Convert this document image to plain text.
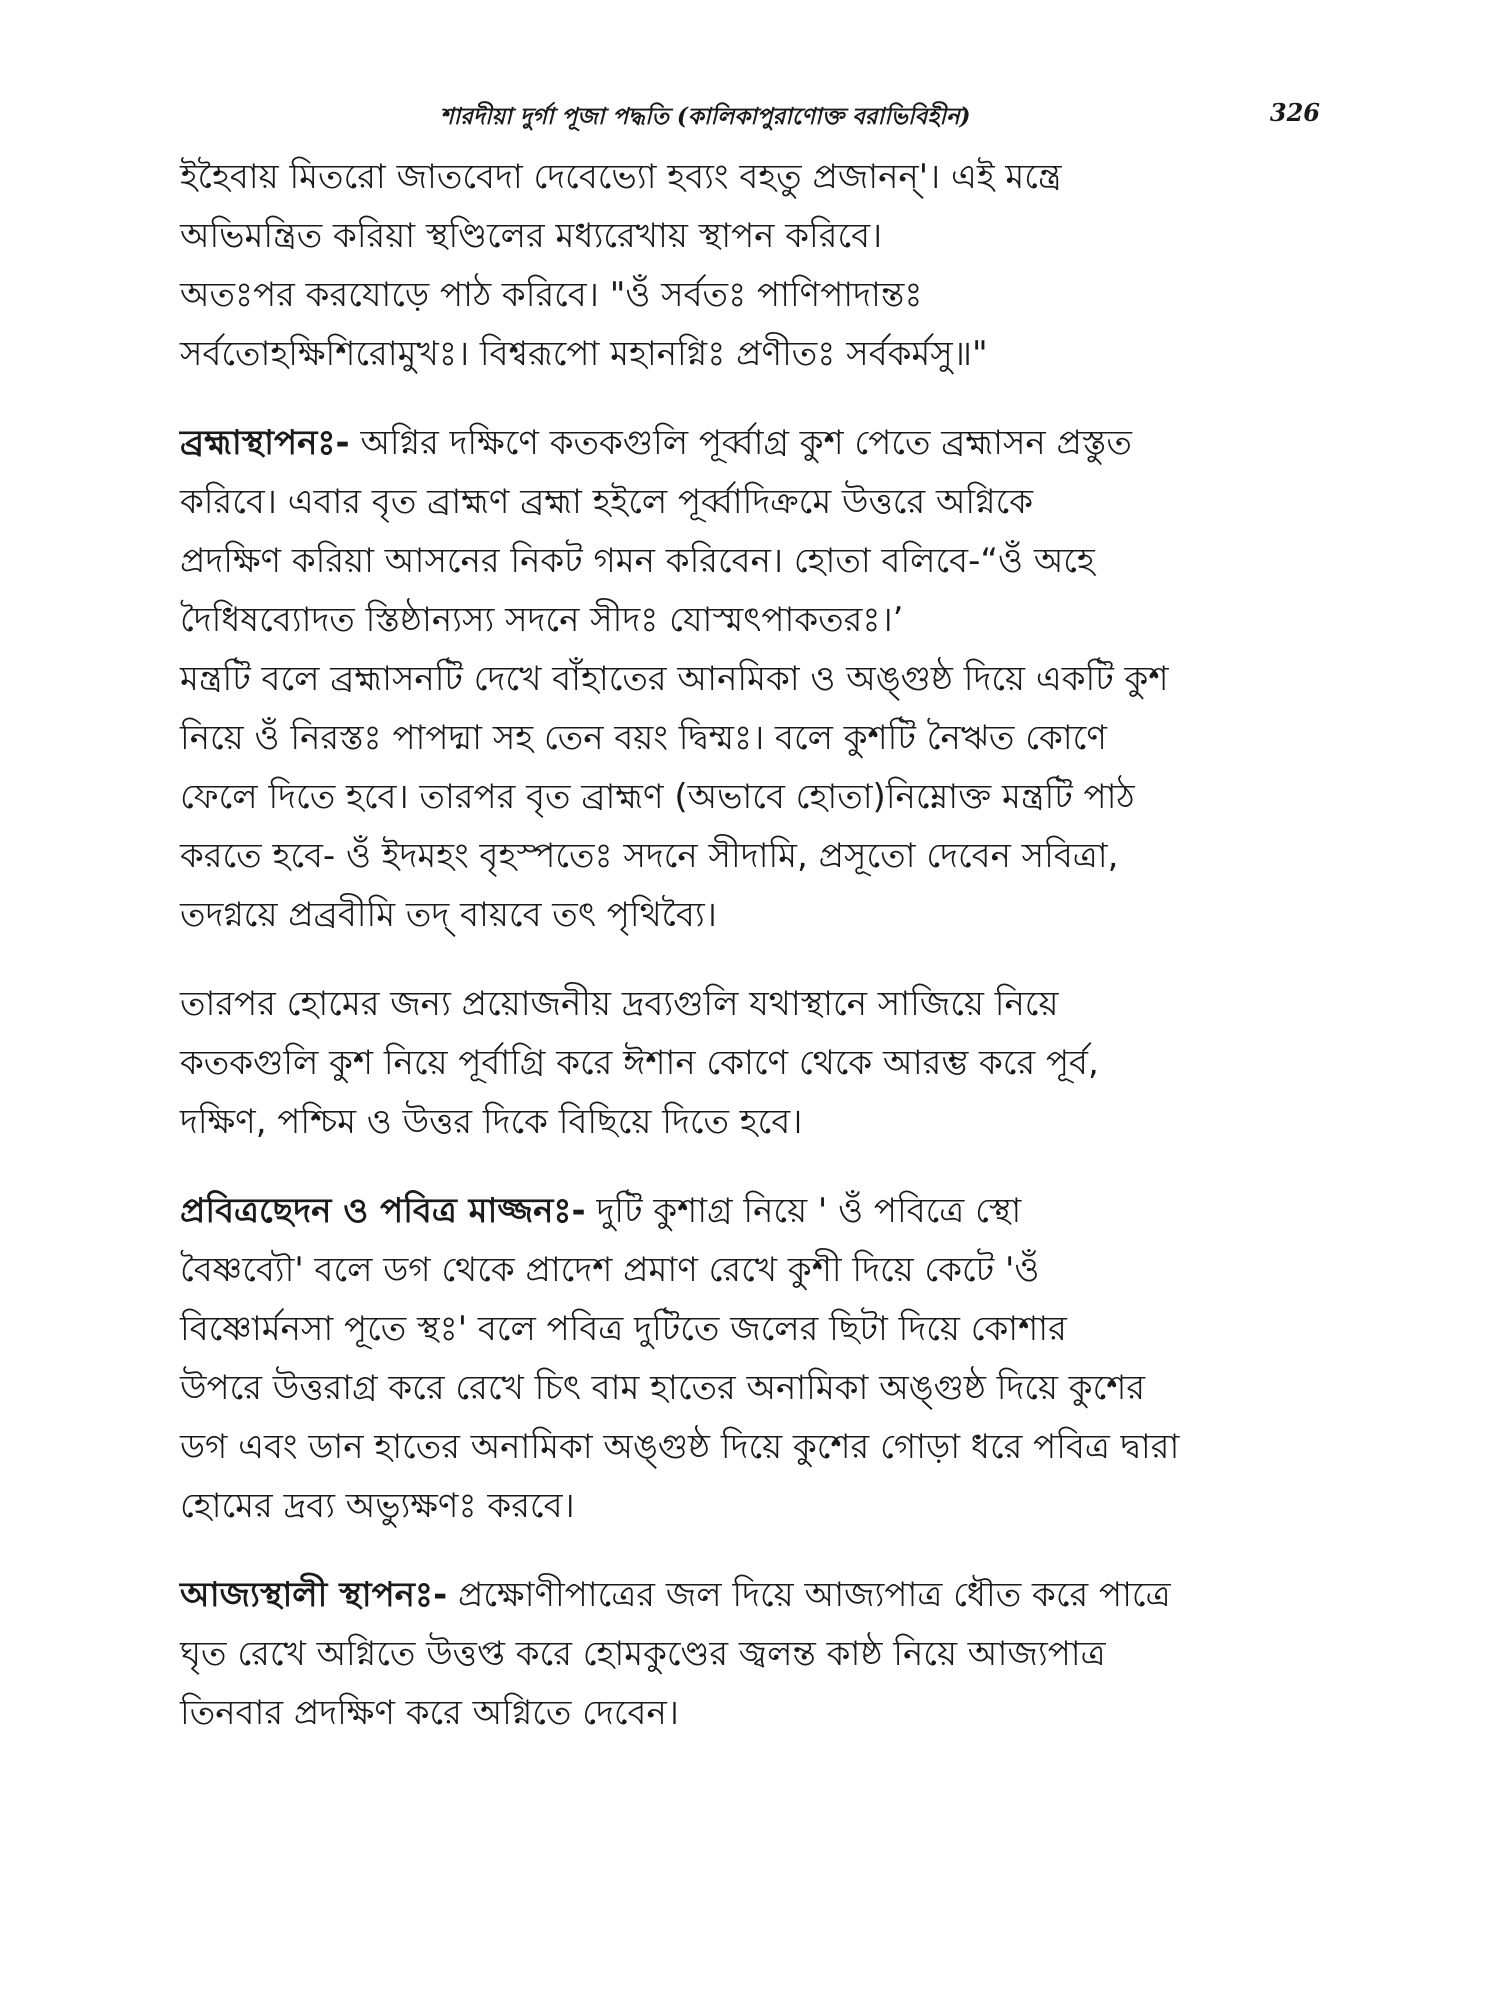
শারদীয়া দুর্গা পূজা পদ্ধতি (কালিকাপুরাণোক্ত বরাভিবিহীন)	326

ইহৈবায় মিতরো জাতবেদা দেবেভ্যো হব্যং বহতু প্রজানন্'। এই মন্ত্রে
অভিমন্ত্রিত করিয়া স্থণ্ডিলের মধ্যরেখায় স্থাপন করিবে।

অতঃপর করযোড়ে পাঠ করিবে। "ওঁ সর্বতঃ পাণিপাদান্তঃ
সর্বতোহক্ষিশিরোমুখঃ। বিশ্বরূপো মহানগ্নিঃ প্রণীতঃ সর্বকর্মসু॥"

ব্রহ্মাস্থাপনঃ- অগ্নির দক্ষিণে কতকগুলি পূর্ব্বাগ্র কুশ পেতে ব্রহ্মাসন প্রস্তুত
করিবে। এবার বৃত ব্রাহ্মণ ব্রহ্মা হইলে পূর্ব্বাদিক্রমে উত্তরে অগ্নিকে
প্রদক্ষিণ করিয়া আসনের নিকট গমন করিবেন। হোতা বলিবে-“ওঁ অহে
দৈধিষব্যোদত স্তিষ্ঠান্যস্য সদনে সীদঃ যোস্মৎপাকতরঃ।’

মন্ত্রটি বলে ব্রহ্মাসনটি দেখে বাঁহাতের আনমিকা ও অঙ্গুষ্ঠ দিয়ে একটি কুশ
নিয়ে ওঁ নিরস্তঃ পাপদ্মা সহ তেন বয়ং দ্বিম্মঃ। বলে কুশটি নৈঋত কোণে
ফেলে দিতে হবে। তারপর বৃত ব্রাহ্মণ (অভাবে হোতা)নিম্নোক্ত মন্ত্রটি পাঠ
করতে হবে- ওঁ ইদমহং বৃহস্পতেঃ সদনে সীদামি, প্রসূতো দেবেন সবিত্রা,
তদগ্নয়ে প্রব্রবীমি তদ্ বায়বে তৎ পৃথিব্যৈ।

তারপর হোমের জন্য প্রয়োজনীয় দ্রব্যগুলি যথাস্থানে সাজিয়ে নিয়ে
কতকগুলি কুশ নিয়ে পূর্বাগ্রি করে ঈশান কোণে থেকে আরম্ভ করে পূর্ব,
দক্ষিণ, পশ্চিম ও উত্তর দিকে বিছিয়ে দিতে হবে।

প্রবিত্রছেদন ও পবিত্র মাজ্জনঃ- দুটি কুশাগ্র নিয়ে ' ওঁ পবিত্রে স্থো
বৈষ্ণব্যৌ' বলে ডগ থেকে প্রাদেশ প্রমাণ রেখে কুশী দিয়ে কেটে 'ওঁ
বিষ্ণোর্মনসা পূতে স্থঃ' বলে পবিত্র দুটিতে জলের ছিটা দিয়ে কোশার
উপরে উত্তরাগ্র করে রেখে চিৎ বাম হাতের অনামিকা অঙ্গুষ্ঠ দিয়ে কুশের
ডগ এবং ডান হাতের অনামিকা অঙ্গুষ্ঠ দিয়ে কুশের গোড়া ধরে পবিত্র দ্বারা
হোমের দ্রব্য অভ্যুক্ষণঃ করবে।

আজ্যস্থালী স্থাপনঃ- প্রক্ষোণীপাত্রের জল দিয়ে আজ্যপাত্র ধৌত করে পাত্রে
ঘৃত রেখে অগ্নিতে উত্তপ্ত করে হোমকুণ্ডের জ্বলন্ত কাষ্ঠ নিয়ে আজ্যপাত্র
তিনবার প্রদক্ষিণ করে অগ্নিতে দেবেন।
